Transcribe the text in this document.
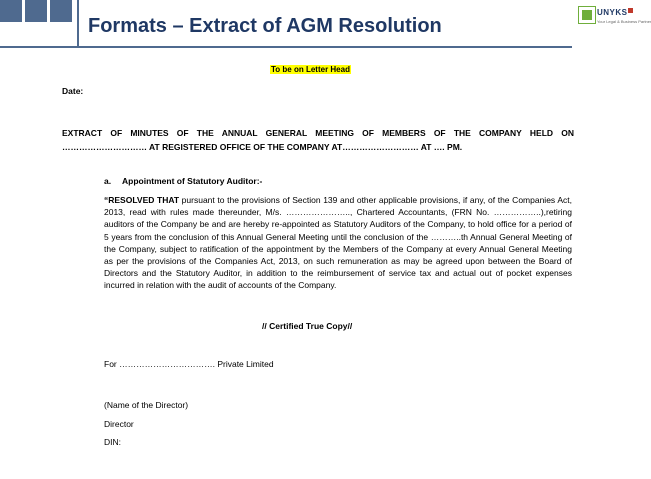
Formats – Extract of AGM Resolution
UNYKS
Your Legal & Business Partner
To be on Letter Head
Date:
EXTRACT OF MINUTES OF THE ANNUAL GENERAL MEETING OF MEMBERS OF THE COMPANY HELD ON ………………………… AT REGISTERED OFFICE OF THE COMPANY AT……………………… AT …. PM.
a. Appointment of Statutory Auditor:-
“RESOLVED THAT pursuant to the provisions of Section 139 and other applicable provisions, if any, of the Companies Act, 2013, read with rules made thereunder, M/s. ………………….., Chartered Accountants, (FRN No. ……………..),retiring auditors of the Company be and are hereby re-appointed as Statutory Auditors of the Company, to hold office for a period of 5 years from the conclusion of this Annual General Meeting until the conclusion of the ………..th Annual General Meeting of the Company, subject to ratification of the appointment by the Members of the Company at every Annual General Meeting as per the provisions of the Companies Act, 2013, on such remuneration as may be agreed upon between the Board of Directors and the Statutory Auditor, in addition to the reimbursement of service tax and actual out of pocket expenses incurred in relation with the audit of accounts of the Company.
// Certified True Copy//
For ……………………………. Private Limited
(Name of the Director)
Director
DIN:
